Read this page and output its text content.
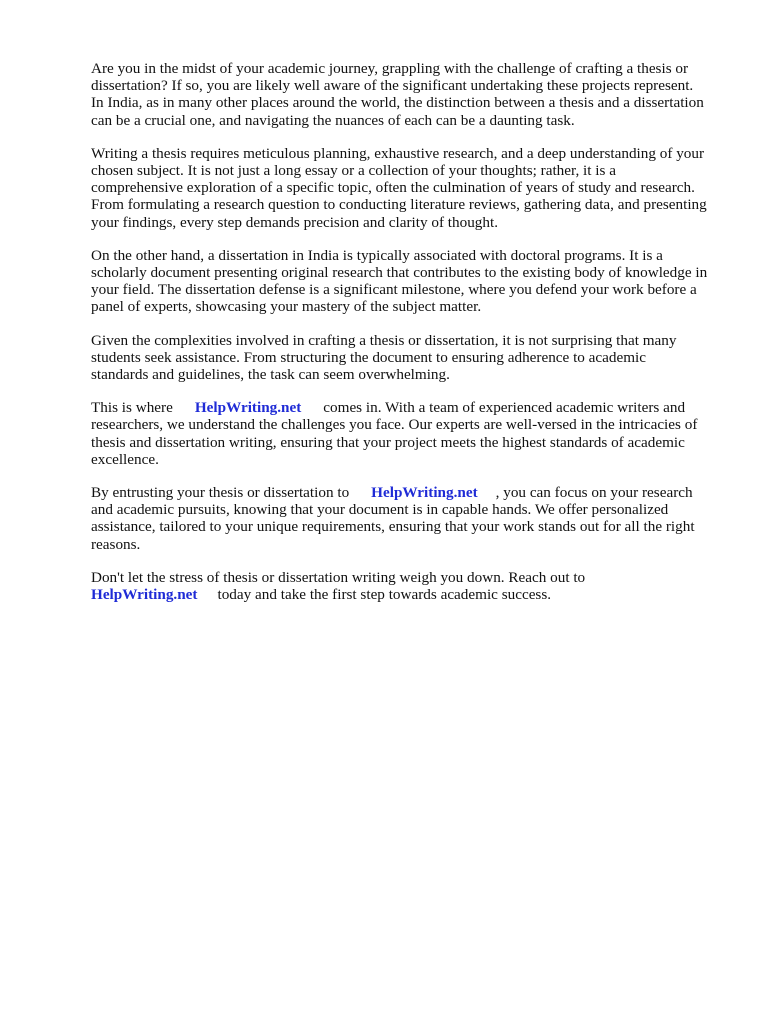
Are you in the midst of your academic journey, grappling with the challenge of crafting a thesis or
dissertation? If so, you are likely well aware of the significant undertaking these projects represent.
In India, as in many other places around the world, the distinction between a thesis and a dissertation
can be a crucial one, and navigating the nuances of each can be a daunting task.

Writing a thesis requires meticulous planning, exhaustive research, and a deep understanding of your
chosen subject. It is not just a long essay or a collection of your thoughts; rather, it is a
comprehensive exploration of a specific topic, often the culmination of years of study and research.
From formulating a research question to conducting literature reviews, gathering data, and presenting
your findings, every step demands precision and clarity of thought.

On the other hand, a dissertation in India is typically associated with doctoral programs. It is a
scholarly document presenting original research that contributes to the existing body of knowledge in
your field. The dissertation defense is a significant milestone, where you defend your work before a
panel of experts, showcasing your mastery of the subject matter.

Given the complexities involved in crafting a thesis or dissertation, it is not surprising that many
students seek assistance. From structuring the document to ensuring adherence to academic
standards and guidelines, the task can seem overwhelming.

This is where HelpWriting.net comes in. With a team of experienced academic writers and
researchers, we understand the challenges you face. Our experts are well-versed in the intricacies of
thesis and dissertation writing, ensuring that your project meets the highest standards of academic
excellence.

By entrusting your thesis or dissertation to HelpWriting.net , you can focus on your research
and academic pursuits, knowing that your document is in capable hands. We offer personalized
assistance, tailored to your unique requirements, ensuring that your work stands out for all the right
reasons.

Don't let the stress of thesis or dissertation writing weigh you down. Reach out to
HelpWriting.net today and take the first step towards academic success.
